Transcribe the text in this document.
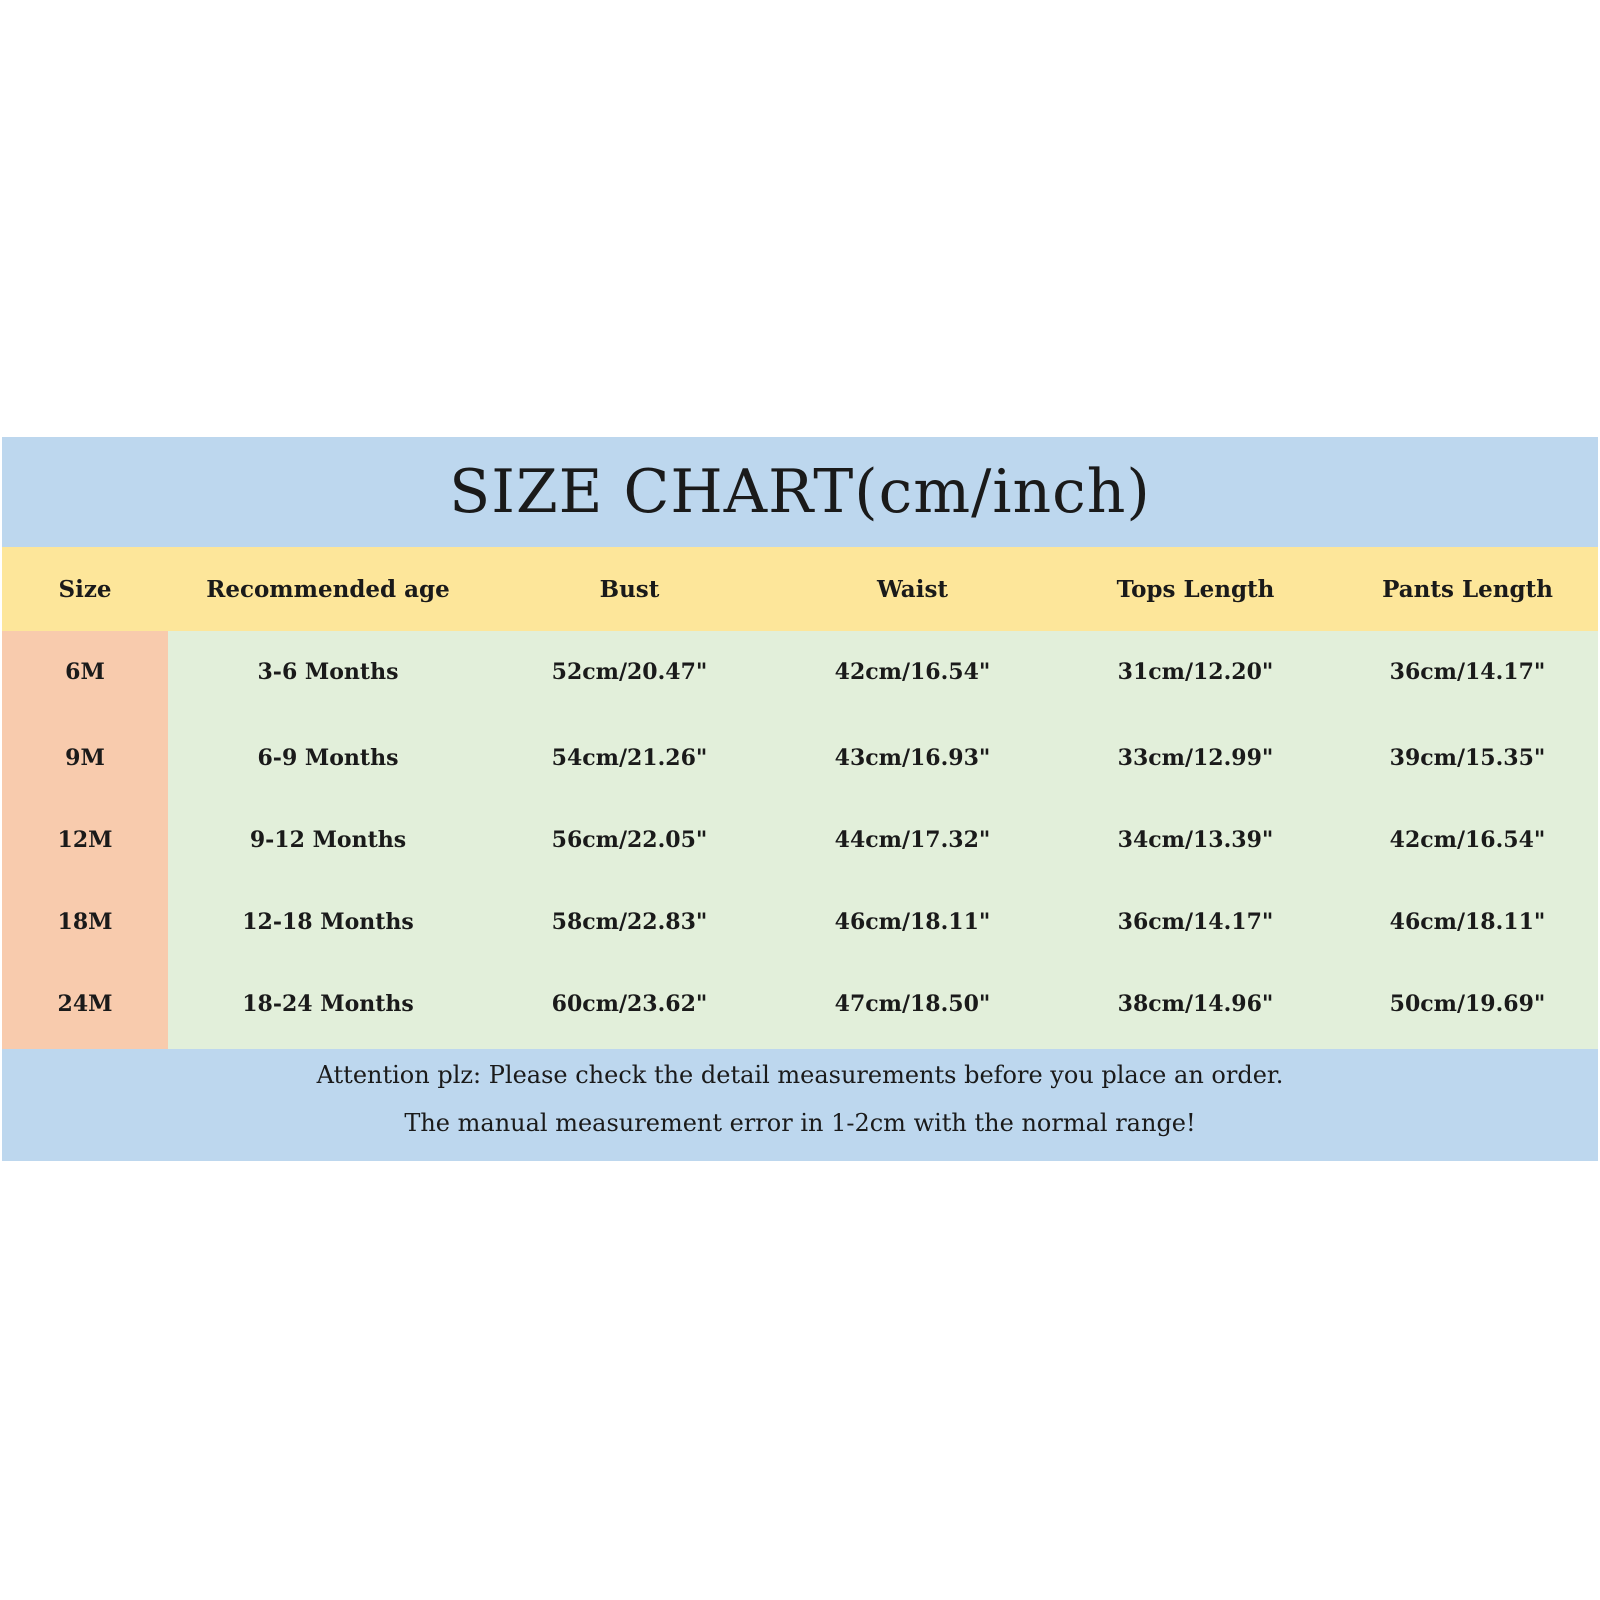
SIZE CHART(cm/inch)
Size	Recommended age	Bust	Waist	Tops Length	Pants Length
6M	3-6 Months	52cm/20.47"	42cm/16.54"	31cm/12.20"	36cm/14.17"
9M	6-9 Months	54cm/21.26"	43cm/16.93"	33cm/12.99"	39cm/15.35"
12M	9-12 Months	56cm/22.05"	44cm/17.32"	34cm/13.39"	42cm/16.54"
18M	12-18 Months	58cm/22.83"	46cm/18.11"	36cm/14.17"	46cm/18.11"
24M	18-24 Months	60cm/23.62"	47cm/18.50"	38cm/14.96"	50cm/19.69"
Attention plz: Please check the detail measurements before you place an order.
The manual measurement error in 1-2cm with the normal range!
